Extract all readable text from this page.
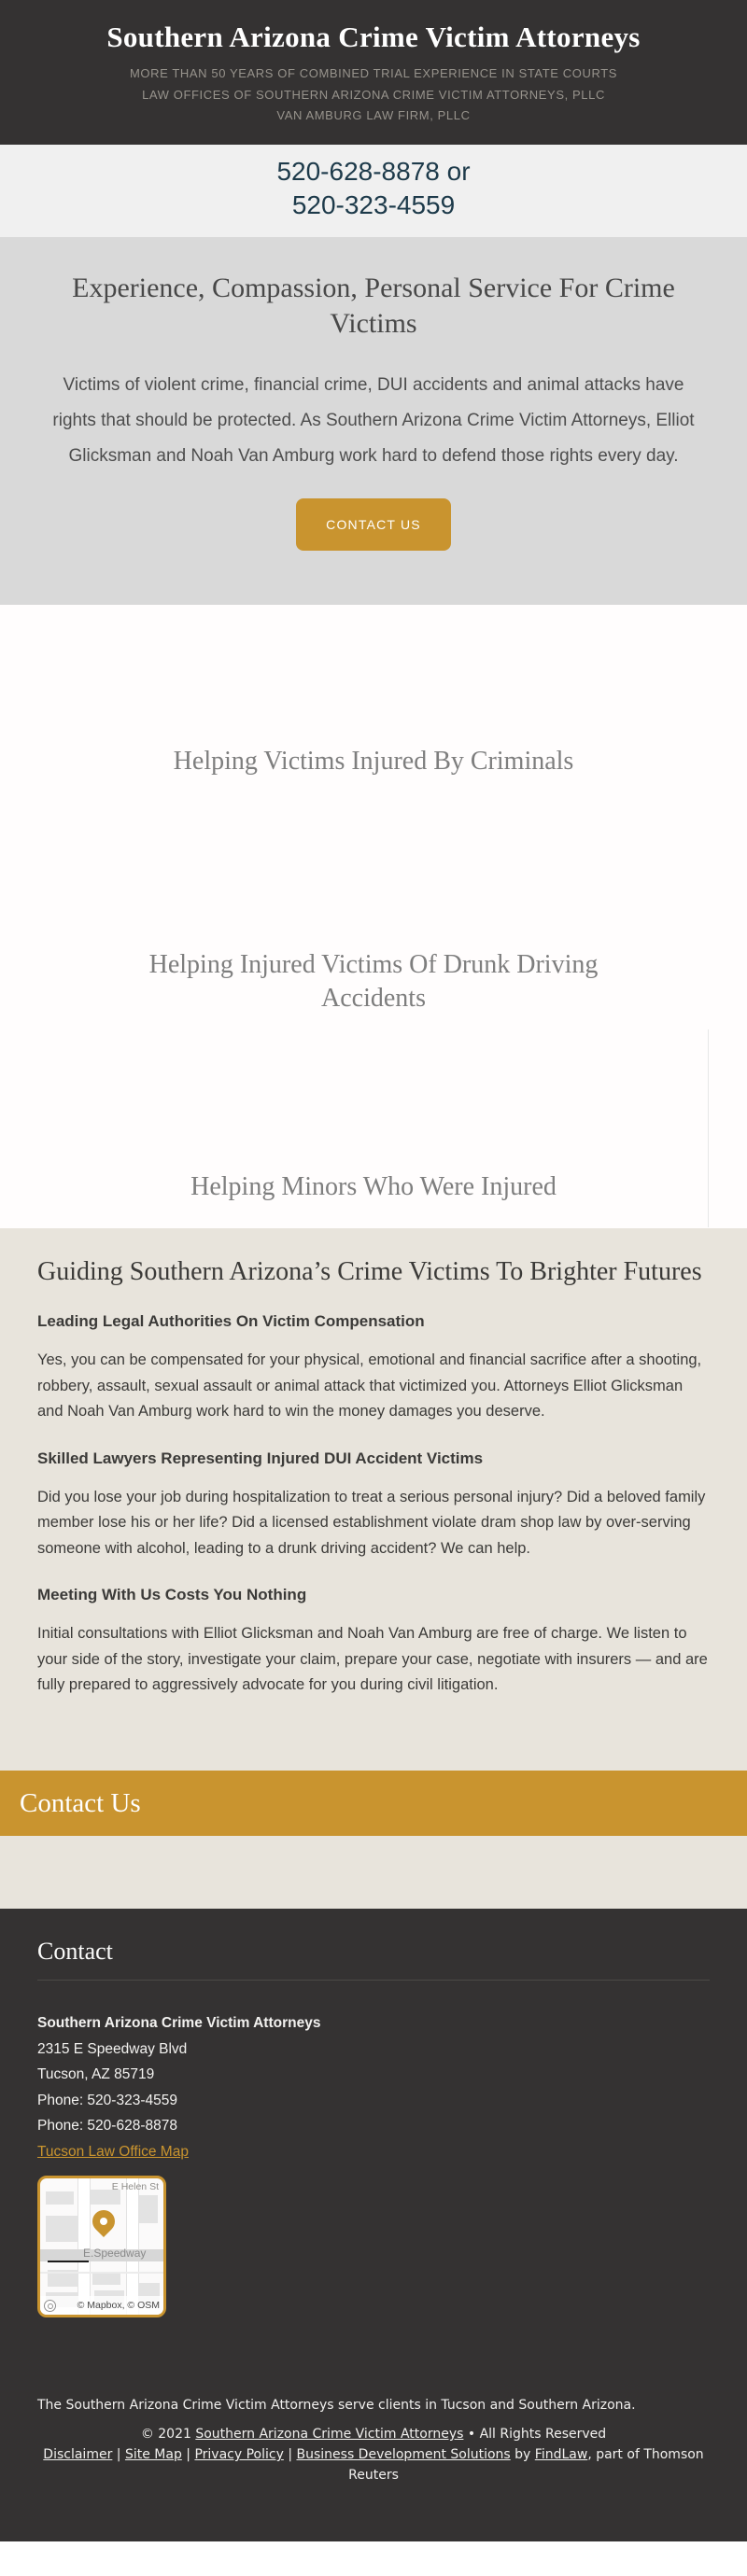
Southern Arizona Crime Victim Attorneys
MORE THAN 50 YEARS OF COMBINED TRIAL EXPERIENCE IN STATE COURTS
LAW OFFICES OF SOUTHERN ARIZONA CRIME VICTIM ATTORNEYS, PLLC
VAN AMBURG LAW FIRM, PLLC
520-628-8878 or
520-323-4559
Experience, Compassion, Personal Service For Crime Victims

Victims of violent crime, financial crime, DUI accidents and animal attacks have rights that should be protected. As Southern Arizona Crime Victim Attorneys, Elliot Glicksman and Noah Van Amburg work hard to defend those rights every day.

CONTACT US
Helping Victims Injured By Criminals
Helping Injured Victims Of Drunk Driving Accidents
Helping Minors Who Were Injured
Guiding Southern Arizona’s Crime Victims To Brighter Futures
Leading Legal Authorities On Victim Compensation

Yes, you can be compensated for your physical, emotional and financial sacrifice after a shooting, robbery, assault, sexual assault or animal attack that victimized you. Attorneys Elliot Glicksman and Noah Van Amburg work hard to win the money damages you deserve.

Skilled Lawyers Representing Injured DUI Accident Victims

Did you lose your job during hospitalization to treat a serious personal injury? Did a beloved family member lose his or her life? Did a licensed establishment violate dram shop law by over-serving someone with alcohol, leading to a drunk driving accident? We can help.

Meeting With Us Costs You Nothing

Initial consultations with Elliot Glicksman and Noah Van Amburg are free of charge. We listen to your side of the story, investigate your claim, prepare your case, negotiate with insurers — and are fully prepared to aggressively advocate for you during civil litigation.

Contact Us
Contact
Southern Arizona Crime Victim Attorneys
2315 E Speedway Blvd
Tucson, AZ 85719
Phone: 520-323-4559
Phone: 520-628-8878
Tucson Law Office Map
E Helen St
E.Speedway
© Mapbox, © OSM
The Southern Arizona Crime Victim Attorneys serve clients in Tucson and Southern Arizona.
© 2021 Southern Arizona Crime Victim Attorneys • All Rights Reserved
Disclaimer | Site Map | Privacy Policy | Business Development Solutions by FindLaw, part of Thomson Reuters
